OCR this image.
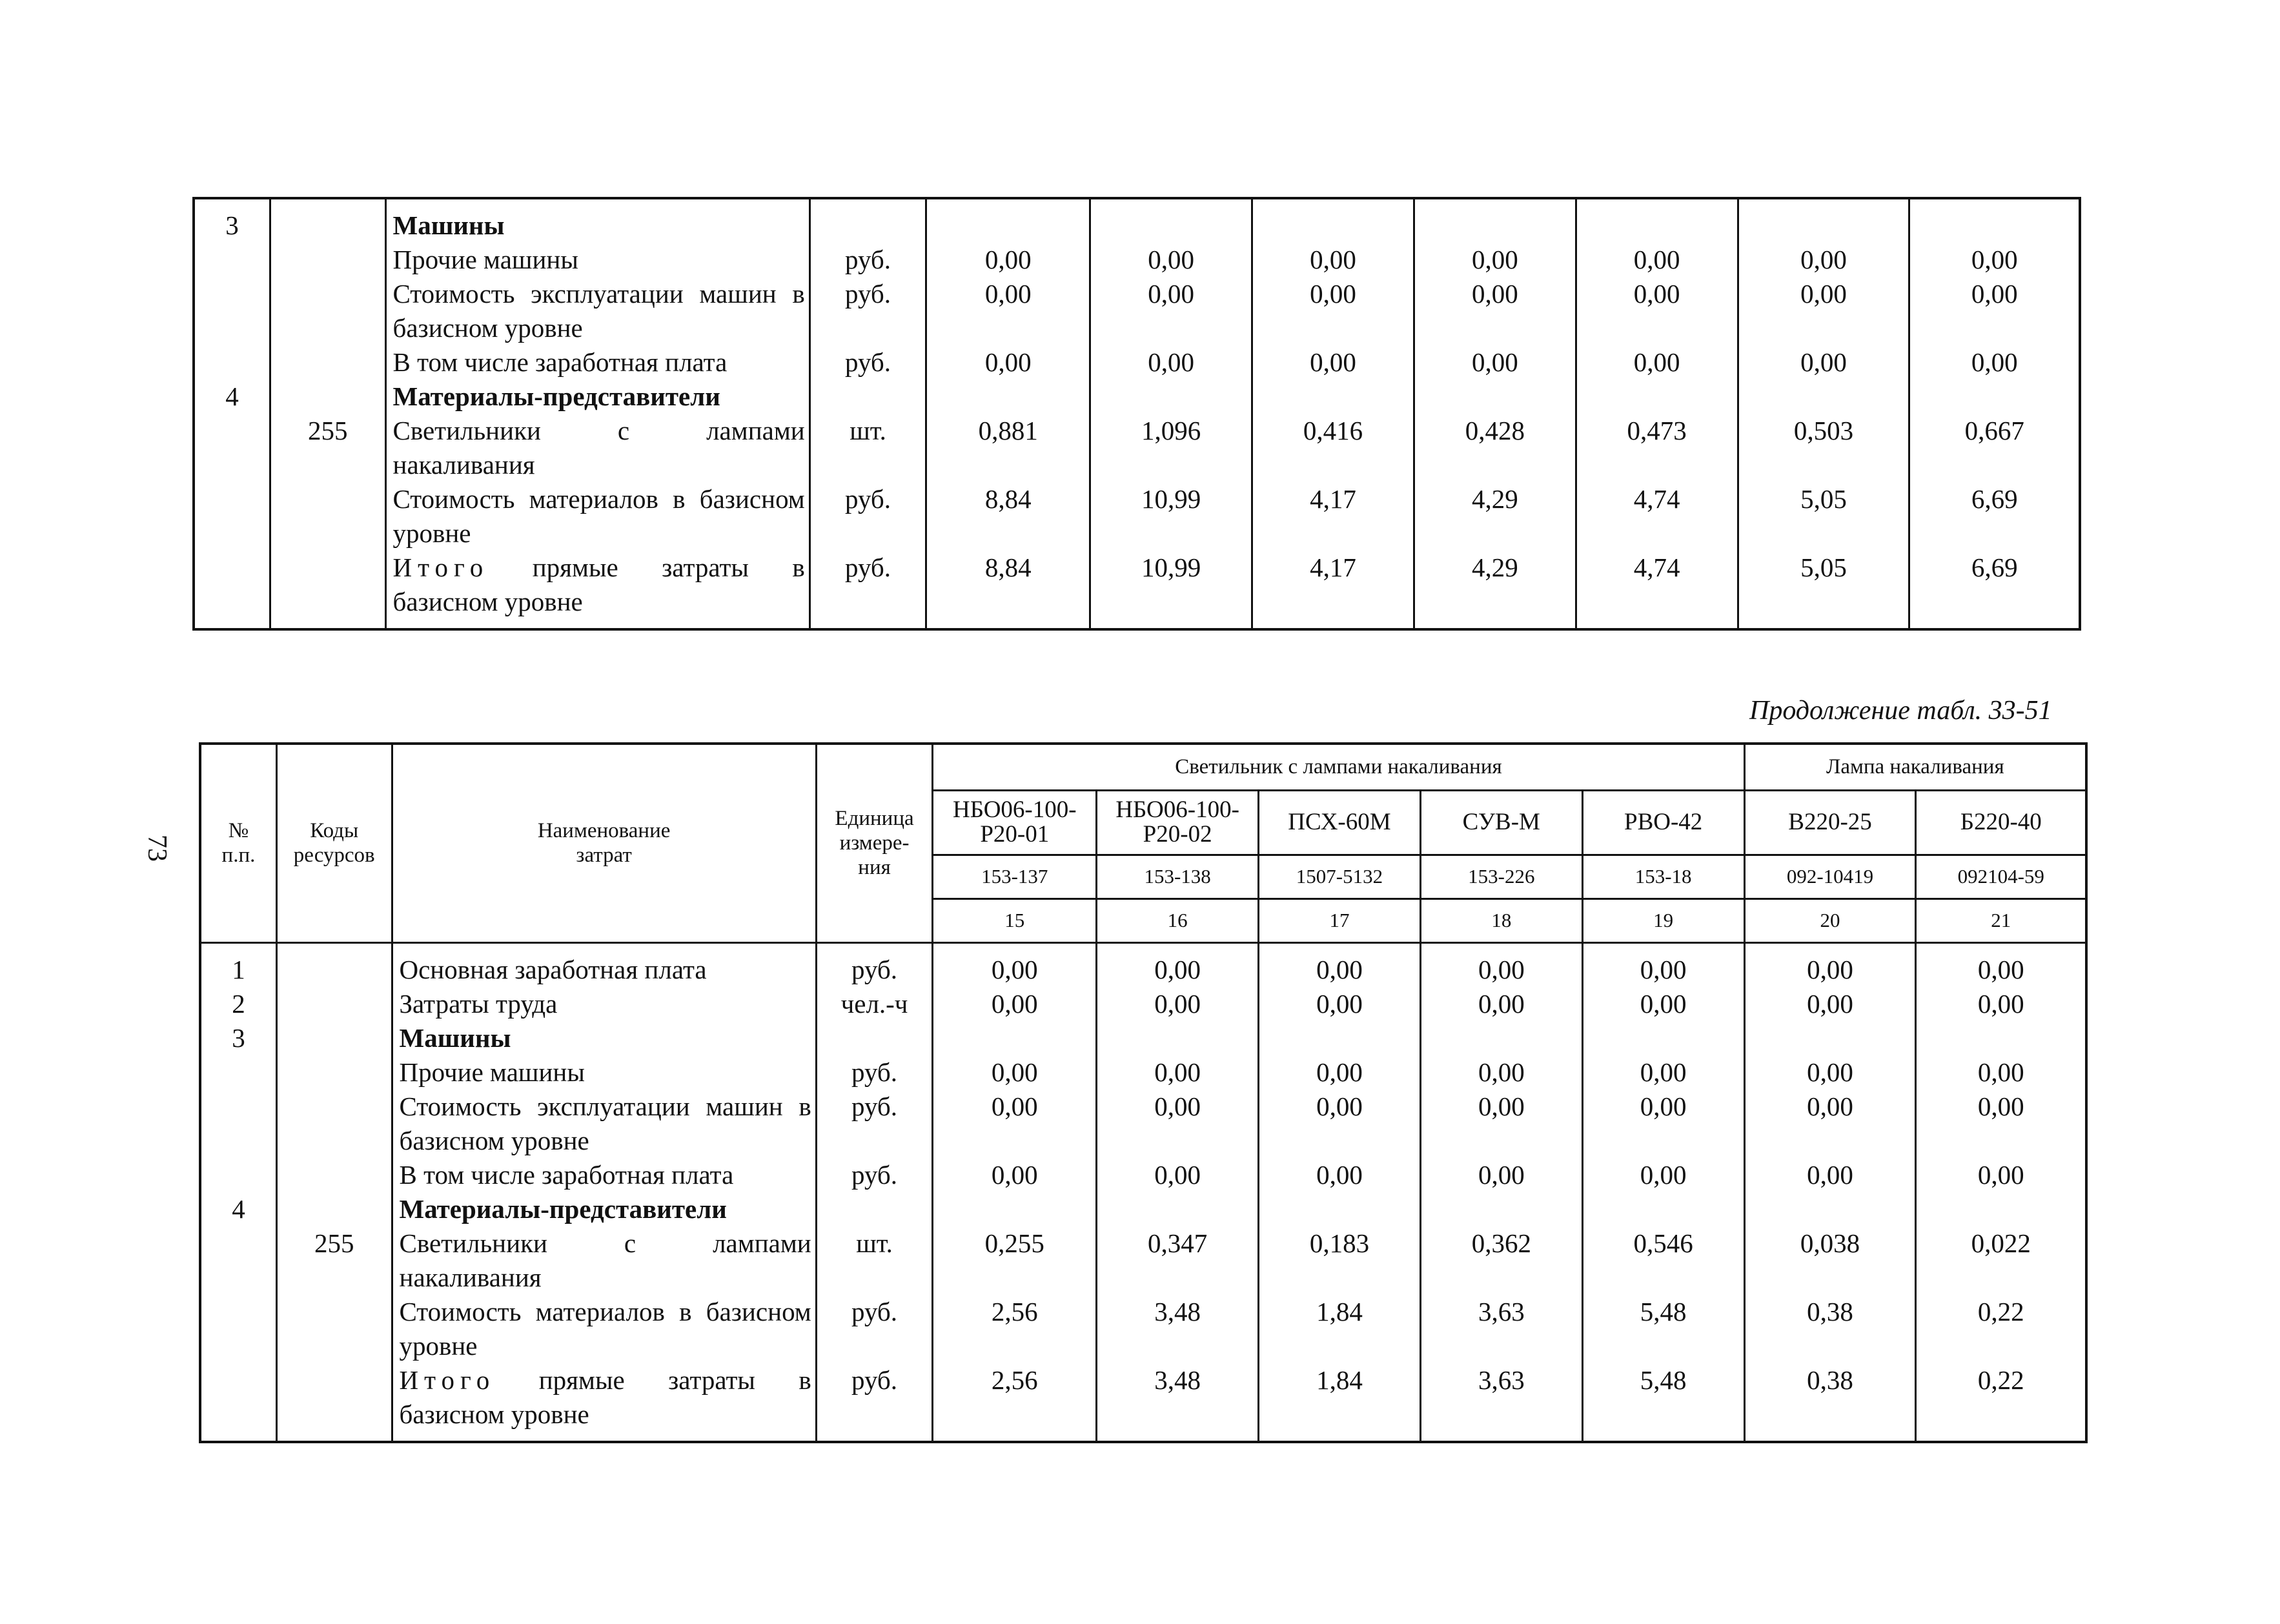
3		Машины								
		Прочие машины	руб.	0,00	0,00	0,00	0,00	0,00	0,00	0,00
		Стоимость эксплуатации машин в базисном уровне	руб.	0,00	0,00	0,00	0,00	0,00	0,00	0,00
		В том числе заработная плата	руб.	0,00	0,00	0,00	0,00	0,00	0,00	0,00
4		Материалы-представители								
	255	Светильники с лампами накаливания	шт.	0,881	1,096	0,416	0,428	0,473	0,503	0,667
		Стоимость материалов в базисном уровне	руб.	8,84	10,99	4,17	4,29	4,74	5,05	6,69
		Итого прямые затраты в базисном уровне	руб.	8,84	10,99	4,17	4,29	4,74	5,05	6,69

Продолжение табл. 33-51
73
№ п.п.	Коды ресурсов	Наименование затрат	Единица измере-ния	Светильник с лампами накаливания					Лампа накаливания	
				НБО06-100-Р20-01	НБО06-100-Р20-02	ПСХ-60М	СУВ-М	РВО-42	В220-25	Б220-40
				153-137	153-138	1507-5132	153-226	153-18	092-10419	092104-59
				15	16	17	18	19	20	21
1		Основная заработная плата	руб.	0,00	0,00	0,00	0,00	0,00	0,00	0,00
2		Затраты труда	чел.-ч	0,00	0,00	0,00	0,00	0,00	0,00	0,00
3		Машины								
		Прочие машины	руб.	0,00	0,00	0,00	0,00	0,00	0,00	0,00
		Стоимость эксплуатации машин в базисном уровне	руб.	0,00	0,00	0,00	0,00	0,00	0,00	0,00
		В том числе заработная плата	руб.	0,00	0,00	0,00	0,00	0,00	0,00	0,00
4		Материалы-представители								
	255	Светильники с лампами накаливания	шт.	0,255	0,347	0,183	0,362	0,546	0,038	0,022
		Стоимость материалов в базисном уровне	руб.	2,56	3,48	1,84	3,63	5,48	0,38	0,22
		Итого прямые затраты в базисном уровне	руб.	2,56	3,48	1,84	3,63	5,48	0,38	0,22
